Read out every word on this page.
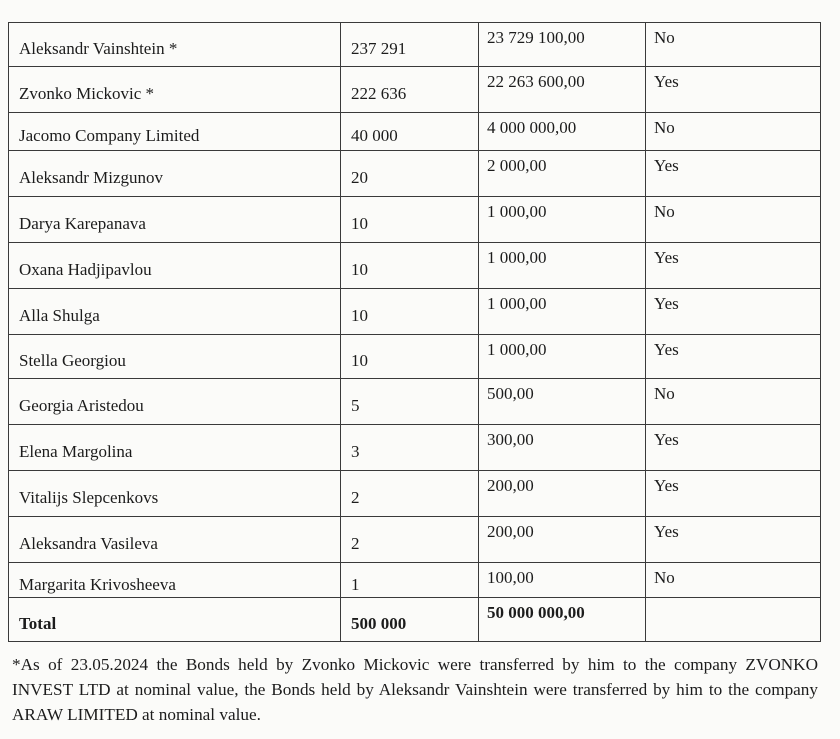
Aleksandr Vainshtein *	237 291	23 729 100,00	No
Zvonko Mickovic *	222 636	22 263 600,00	Yes
Jacomo Company Limited	40 000	4 000 000,00	No
Aleksandr Mizgunov	20	2 000,00	Yes
Darya Karepanava	10	1 000,00	No
Oxana Hadjipavlou	10	1 000,00	Yes
Alla Shulga	10	1 000,00	Yes
Stella Georgiou	10	1 000,00	Yes
Georgia Aristedou	5	500,00	No
Elena Margolina	3	300,00	Yes
Vitalijs Slepcenkovs	2	200,00	Yes
Aleksandra Vasileva	2	200,00	Yes
Margarita Krivosheeva	1	100,00	No
Total	500 000	50 000 000,00	

*As of 23.05.2024 the Bonds held by Zvonko Mickovic were transferred by him to the company ZVONKO INVEST LTD at nominal value, the Bonds held by Aleksandr Vainshtein were transferred by him to the company ARAW LIMITED at nominal value.
